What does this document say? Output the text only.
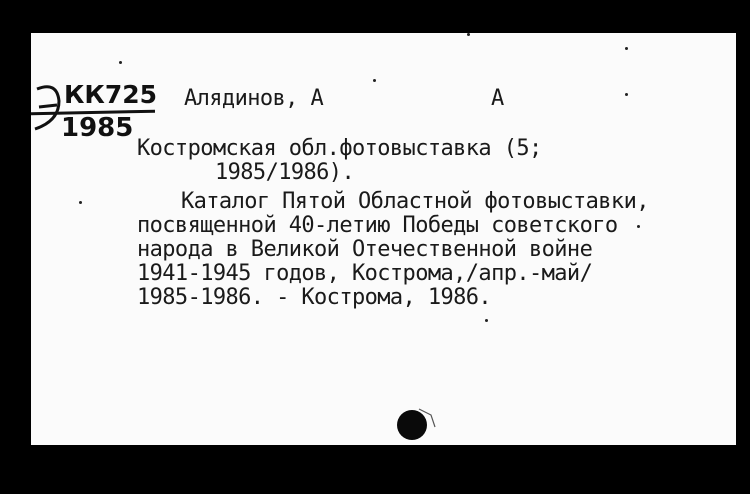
КК725
1985
Алядинов, А	А
Костромская обл.фотовыставка (5;
1985/1986).
Каталог Пятой Областной фотовыставки,
посвященной 40-летию Победы советского
народа в Великой Отечественной войне
1941-1945 годов, Кострома,/апр.-май/
1985-1986. - Кострома, 1986.
